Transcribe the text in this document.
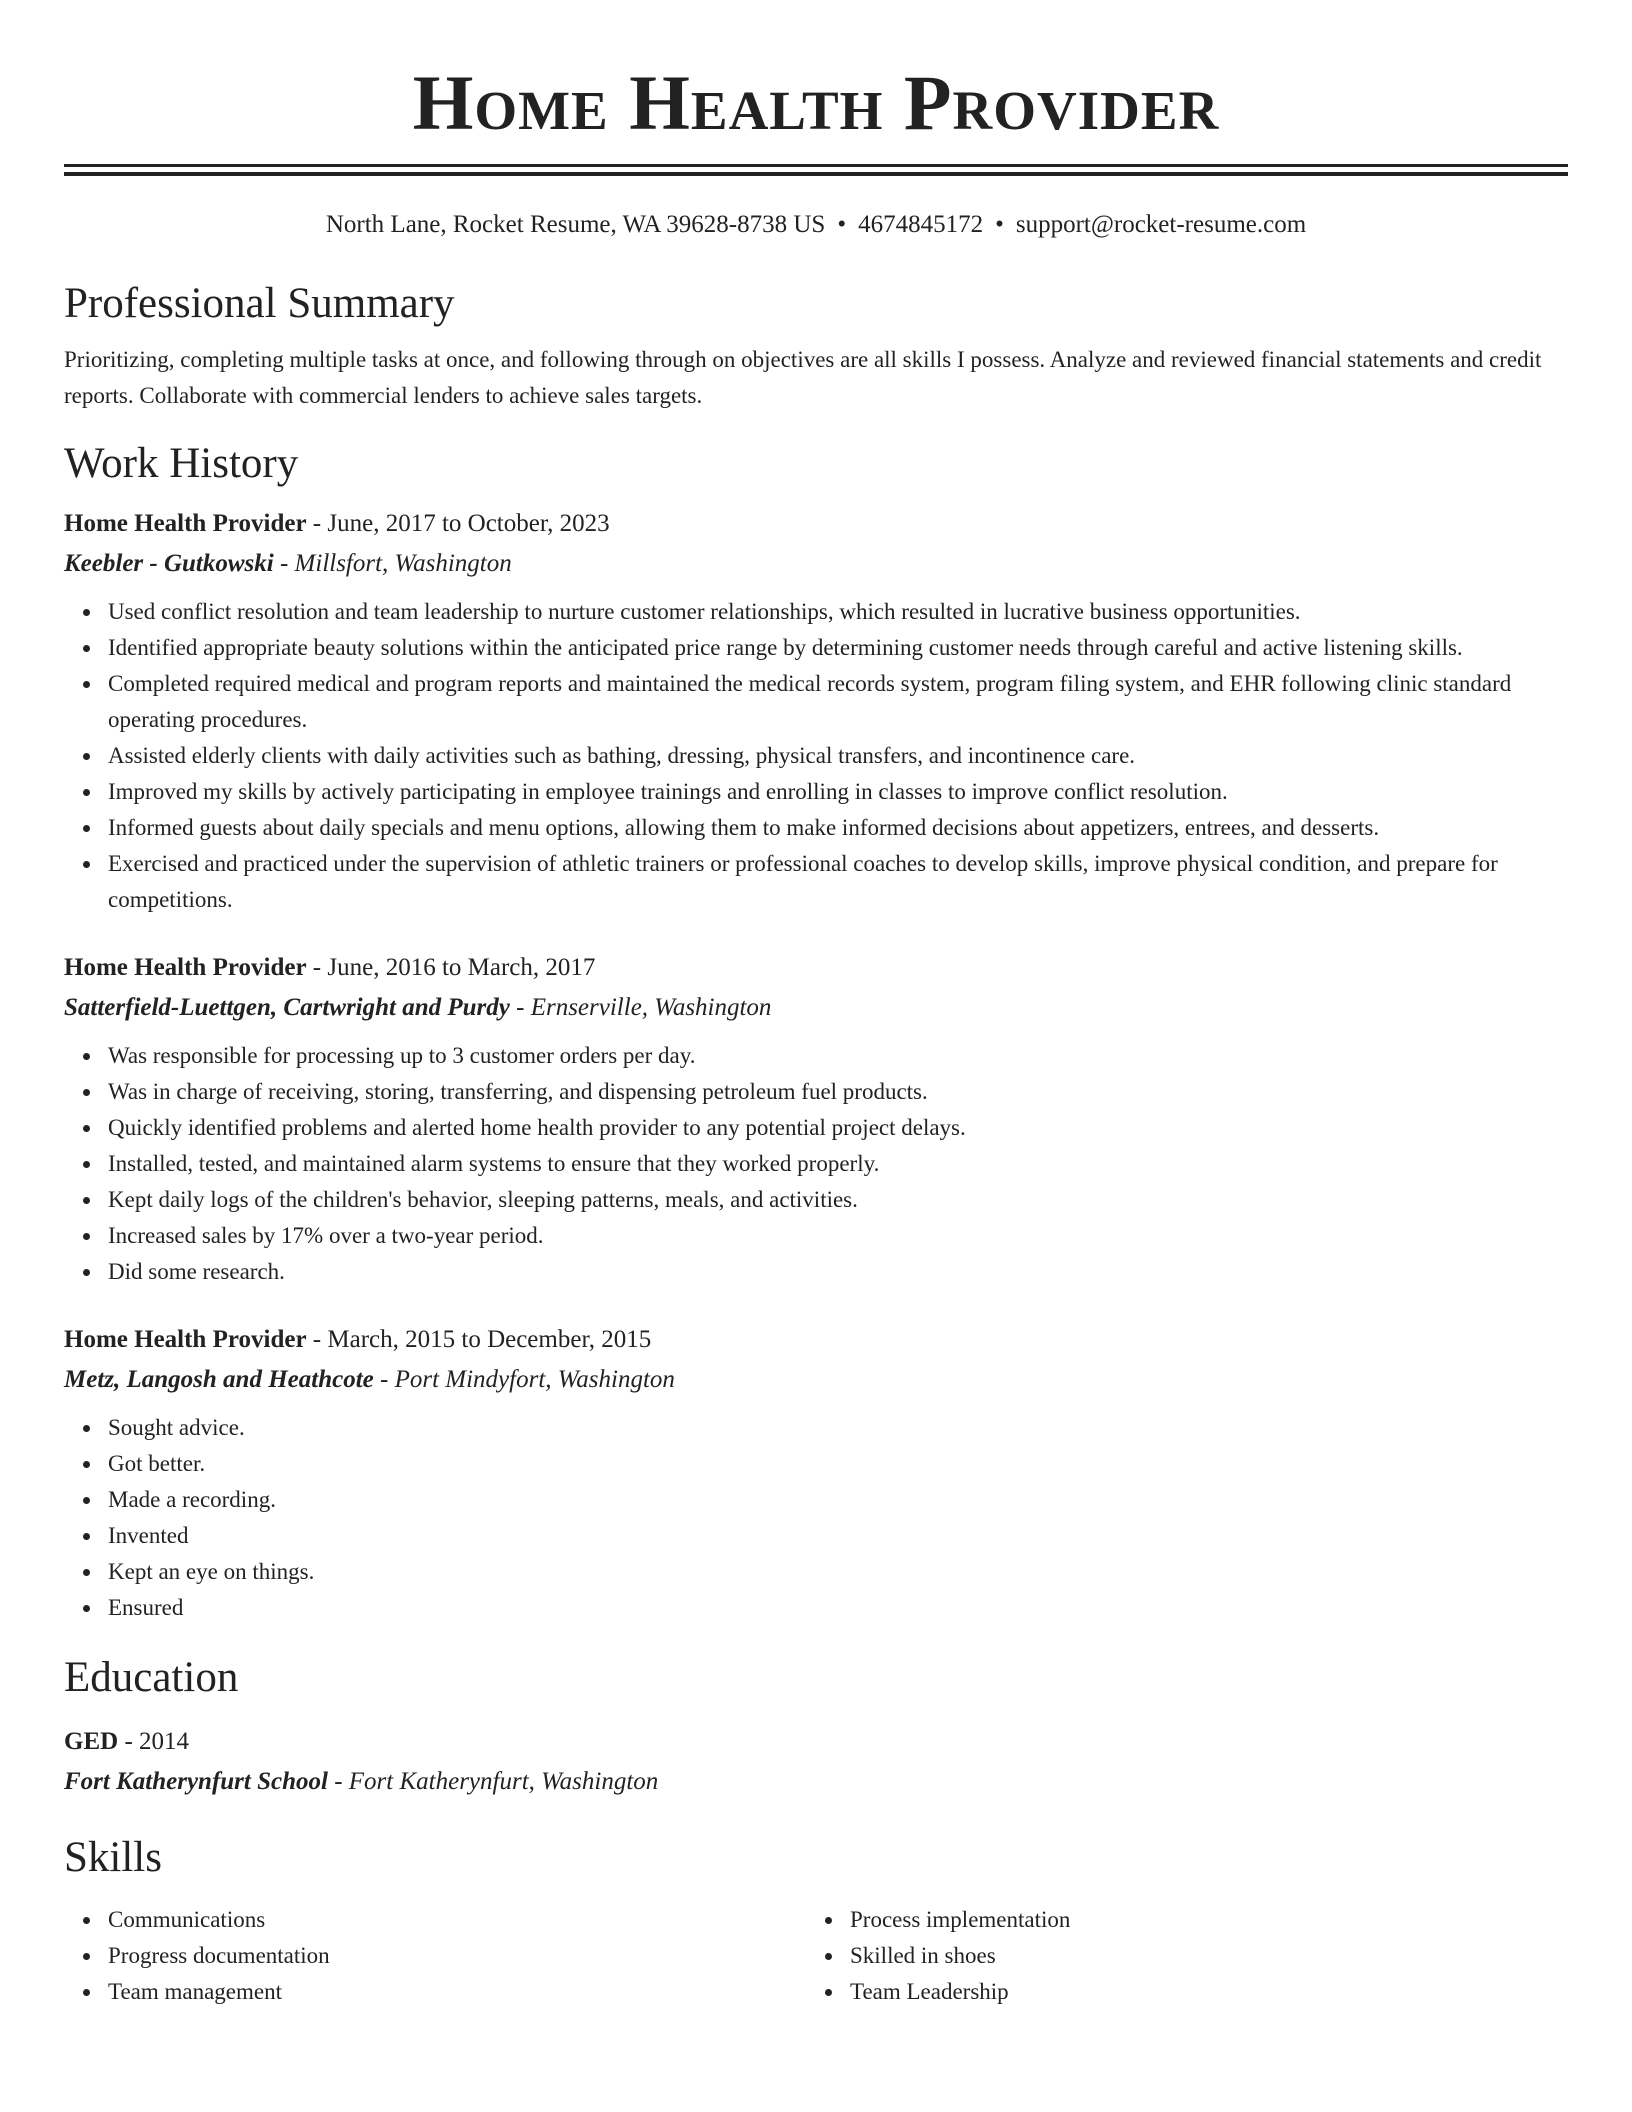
Home Health Provider
North Lane, Rocket Resume, WA 39628-8738 US • 4674845172 • support@rocket-resume.com
Professional Summary

Prioritizing, completing multiple tasks at once, and following through on objectives are all skills I possess. Analyze and reviewed financial statements and credit reports. Collaborate with commercial lenders to achieve sales targets.

Work History
Home Health Provider - June, 2017 to October, 2023
Keebler - Gutkowski - Millsfort, Washington
Used conflict resolution and team leadership to nurture customer relationships, which resulted in lucrative business opportunities.
Identified appropriate beauty solutions within the anticipated price range by determining customer needs through careful and active listening skills.
Completed required medical and program reports and maintained the medical records system, program filing system, and EHR following clinic standard operating procedures.
Assisted elderly clients with daily activities such as bathing, dressing, physical transfers, and incontinence care.
Improved my skills by actively participating in employee trainings and enrolling in classes to improve conflict resolution.
Informed guests about daily specials and menu options, allowing them to make informed decisions about appetizers, entrees, and desserts.
Exercised and practiced under the supervision of athletic trainers or professional coaches to develop skills, improve physical condition, and prepare for competitions.
Home Health Provider - June, 2016 to March, 2017
Satterfield-Luettgen, Cartwright and Purdy - Ernserville, Washington
Was responsible for processing up to 3 customer orders per day.
Was in charge of receiving, storing, transferring, and dispensing petroleum fuel products.
Quickly identified problems and alerted home health provider to any potential project delays.
Installed, tested, and maintained alarm systems to ensure that they worked properly.
Kept daily logs of the children's behavior, sleeping patterns, meals, and activities.
Increased sales by 17% over a two-year period.
Did some research.
Home Health Provider - March, 2015 to December, 2015
Metz, Langosh and Heathcote - Port Mindyfort, Washington
Sought advice.
Got better.
Made a recording.
Invented
Kept an eye on things.
Ensured
Education
GED - 2014
Fort Katherynfurt School - Fort Katherynfurt, Washington
Skills
Communications
Progress documentation
Team management
Process implementation
Skilled in shoes
Team Leadership
